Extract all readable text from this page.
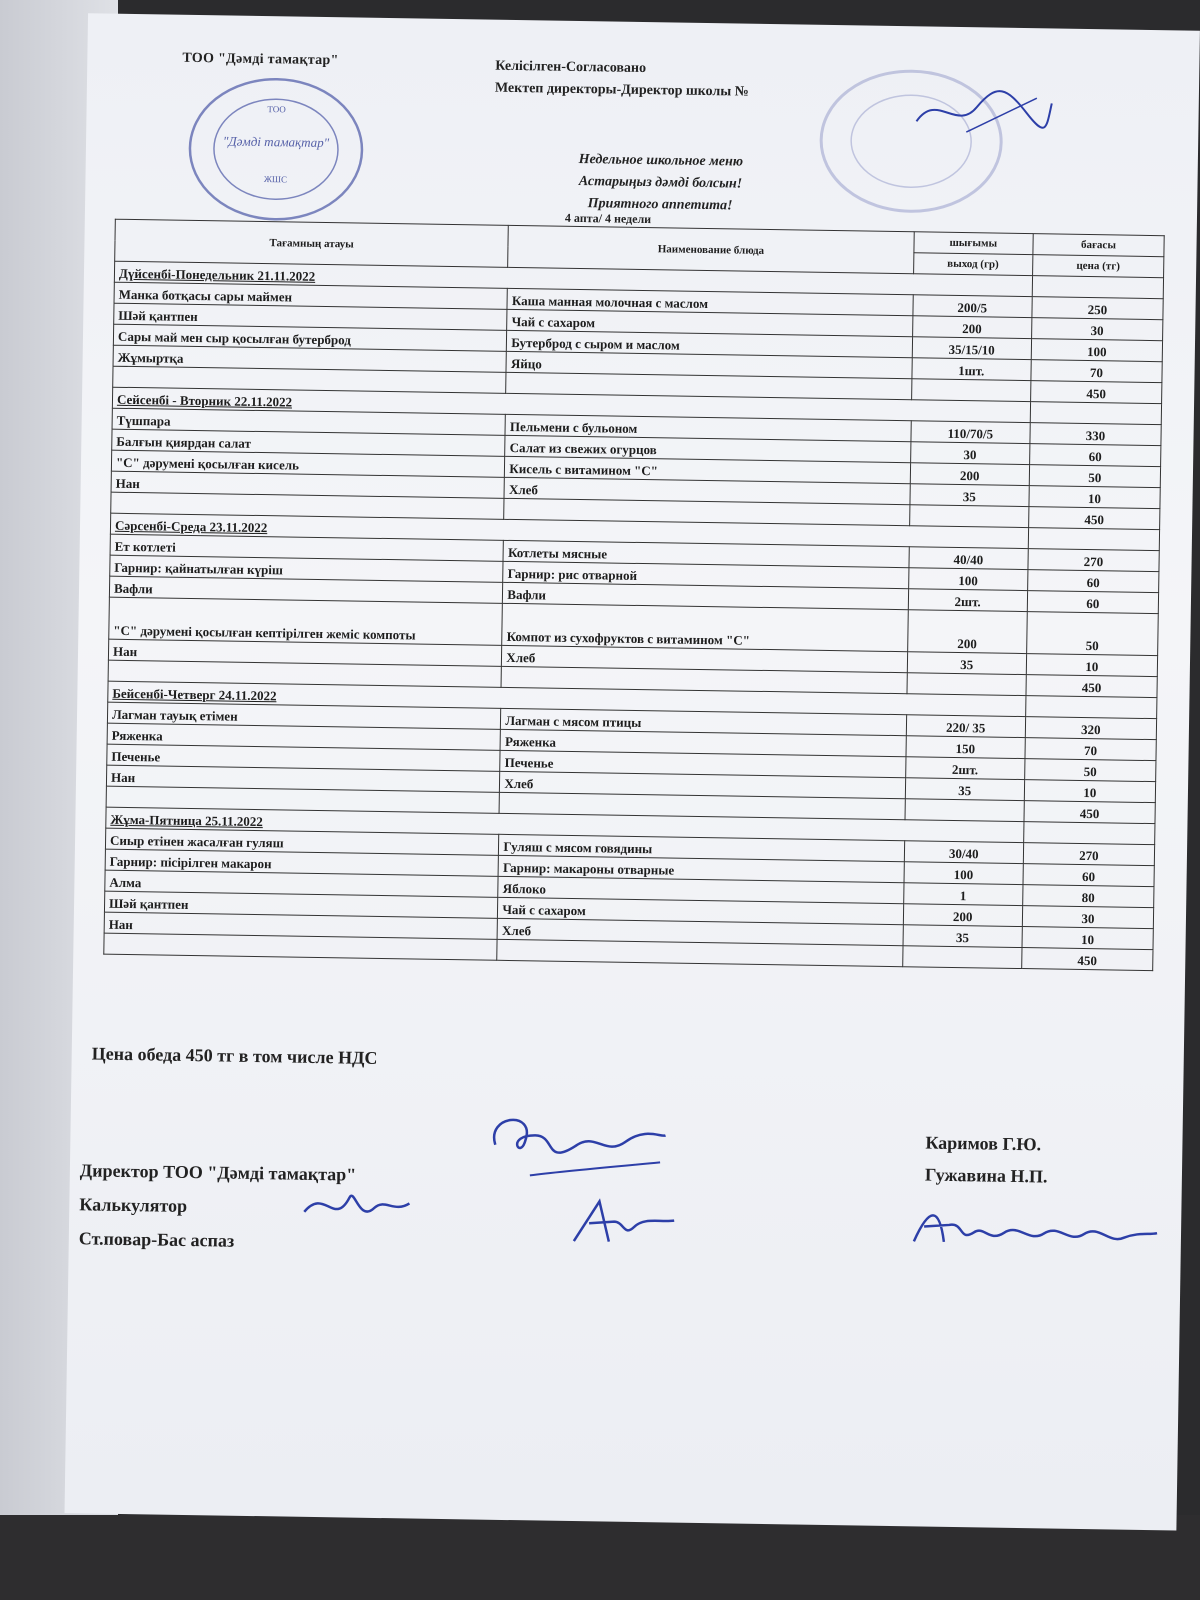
ТОО "Дәмді тамақтар"	Келісілген-Согласовано
Мектеп директоры-Директор школы №
ТОО
"Дәмді тамақтар"
ЖШС
Недельное школьное меню
Астарыңыз дәмді болсын!
Приятного аппетита!
4 апта/ 4 недели
Тағамның атауы	Наименование блюда	шығымы	бағасы
		выход (гр)	цена (тг)
Дүйсенбі-Понедельник 21.11.2022			
Манка ботқасы сары маймен	Каша манная молочная с маслом	200/5	250
Шәй қантпен	Чай с сахаром	200	30
Сары май мен сыр қосылған бутерброд	Бутерброд с сыром и маслом	35/15/10	100
Жұмыртқа	Яйцо	1шт.	70
			450
Сейсенбі - Вторник 22.11.2022			
Түшпара	Пельмени с бульоном	110/70/5	330
Балғын қиярдан салат	Салат из свежих огурцов	30	60
"С" дәрумені қосылған кисель	Кисель с витамином "С"	200	50
Нан	Хлеб	35	10
			450
Сәрсенбі-Среда 23.11.2022			
Ет котлеті	Котлеты мясные	40/40	270
Гарнир: қайнатылған күріш	Гарнир: рис отварной	100	60
Вафли	Вафли	2шт.	60
"С" дәрумені қосылған кептірілген жеміс компоты	Компот из сухофруктов с витамином "С"	200	50
Нан	Хлеб	35	10
			450
Бейсенбі-Четверг 24.11.2022			
Лагман тауық етімен	Лагман с мясом птицы	220/ 35	320
Ряженка	Ряженка	150	70
Печенье	Печенье	2шт.	50
Нан	Хлеб	35	10
			450
Жұма-Пятница 25.11.2022			
Сиыр етінен жасалған гуляш	Гуляш с мясом говядины	30/40	270
Гарнир: пісірілген макарон	Гарнир: макароны отварные	100	60
Алма	Яблоко	1	80
Шәй қантпен	Чай с сахаром	200	30
Нан	Хлеб	35	10
			450
Цена обеда 450 тг в том числе НДС
Директор ТОО "Дәмді тамақтар"
Калькулятор
Ст.повар-Бас аспаз
Каримов Г.Ю.
Гужавина Н.П.
